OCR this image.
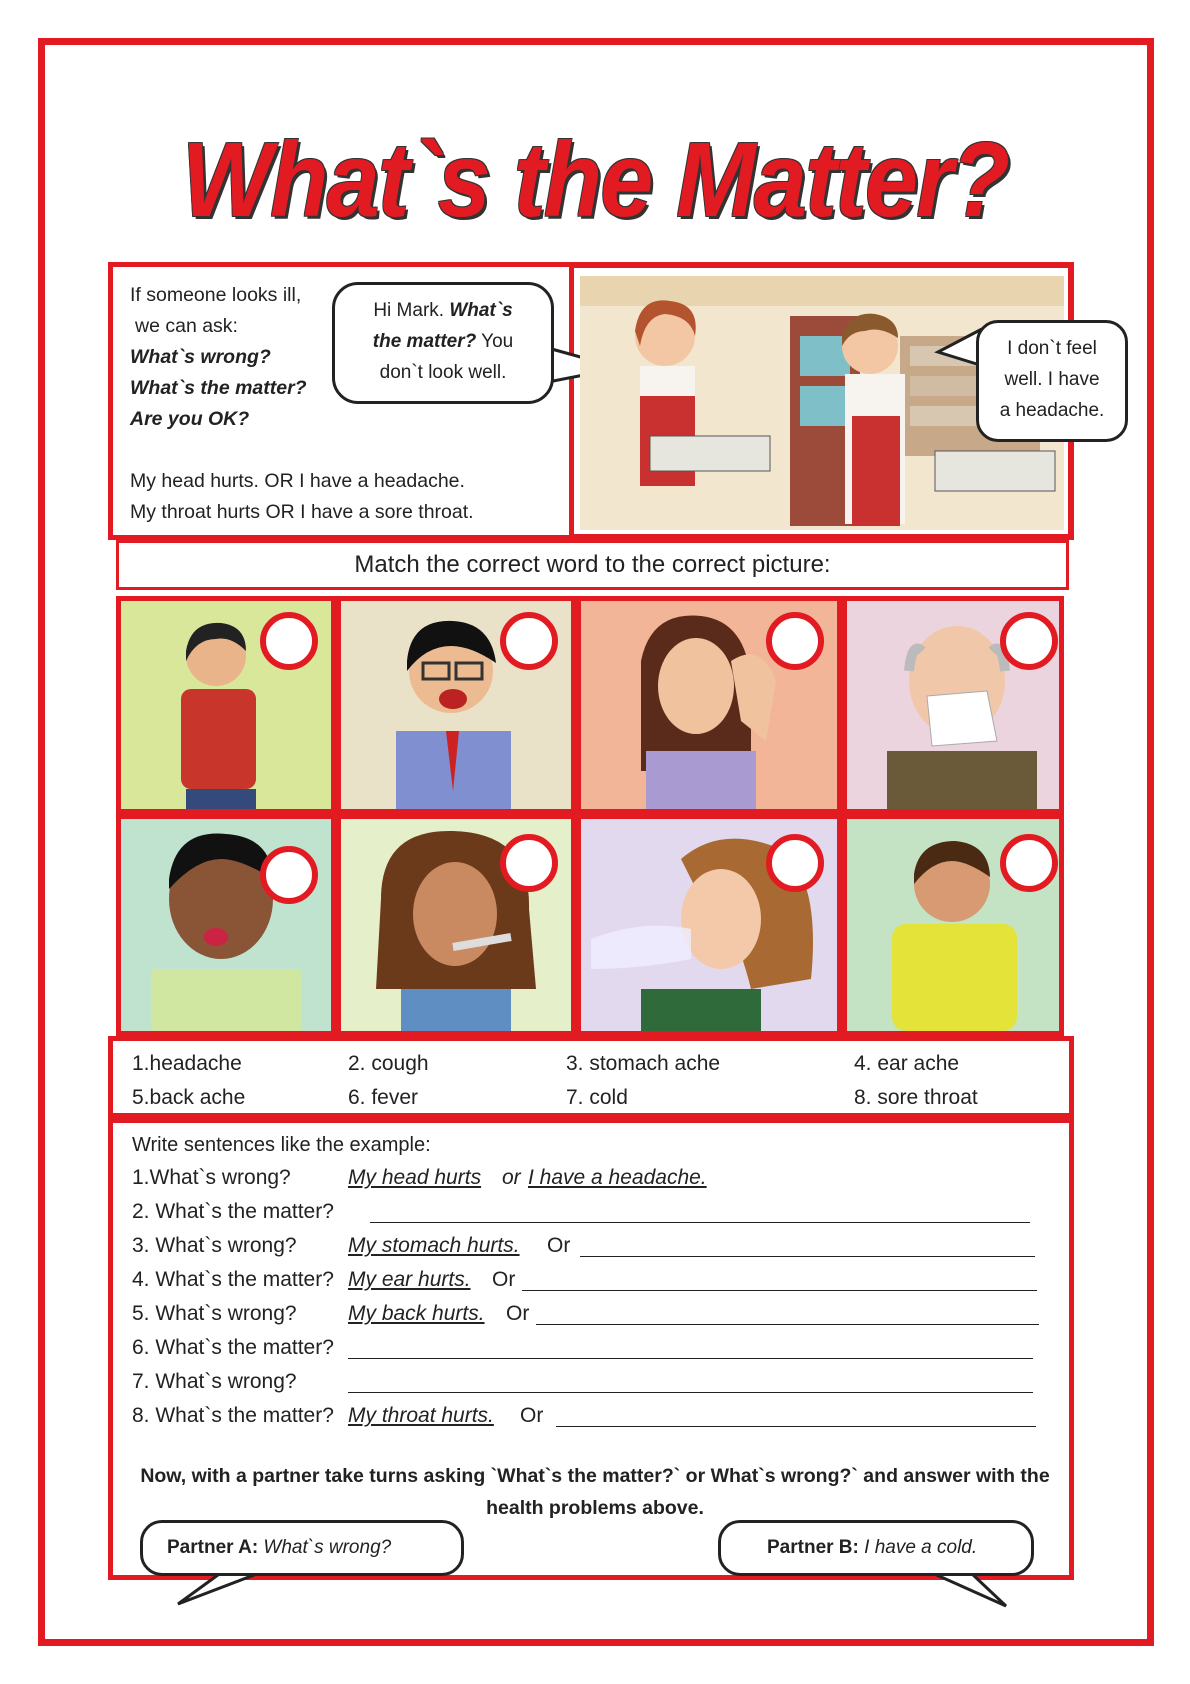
What`s the Matter?
If someone looks ill,
we can ask:
What`s wrong?
What`s the matter?
Are you OK?
My head hurts. OR I have a headache.
My throat hurts OR I have a sore throat.
Hi Mark. What`s
the matter? You
don`t look well.
I don`t feel
well. I have
a headache.
Match the correct word to the correct picture:
1.headache	2. cough	3. stomach ache	4. ear ache
5.back ache	6. fever	7. cold	8. sore throat
Write sentences like the example:
1.What`s wrong?	My head hurts or I have a headache.
2. What`s the matter?
3. What`s wrong? My stomach hurts. Or
4. What`s the matter? My ear hurts. Or
5. What`s wrong? My back hurts. Or
6. What`s the matter?
7. What`s wrong?
8. What`s the matter? My throat hurts. Or
Now, with a partner take turns asking `What`s the matter?` or What`s wrong?` and answer with the
health problems above.
Partner A: What`s wrong?	Partner B: I have a cold.
